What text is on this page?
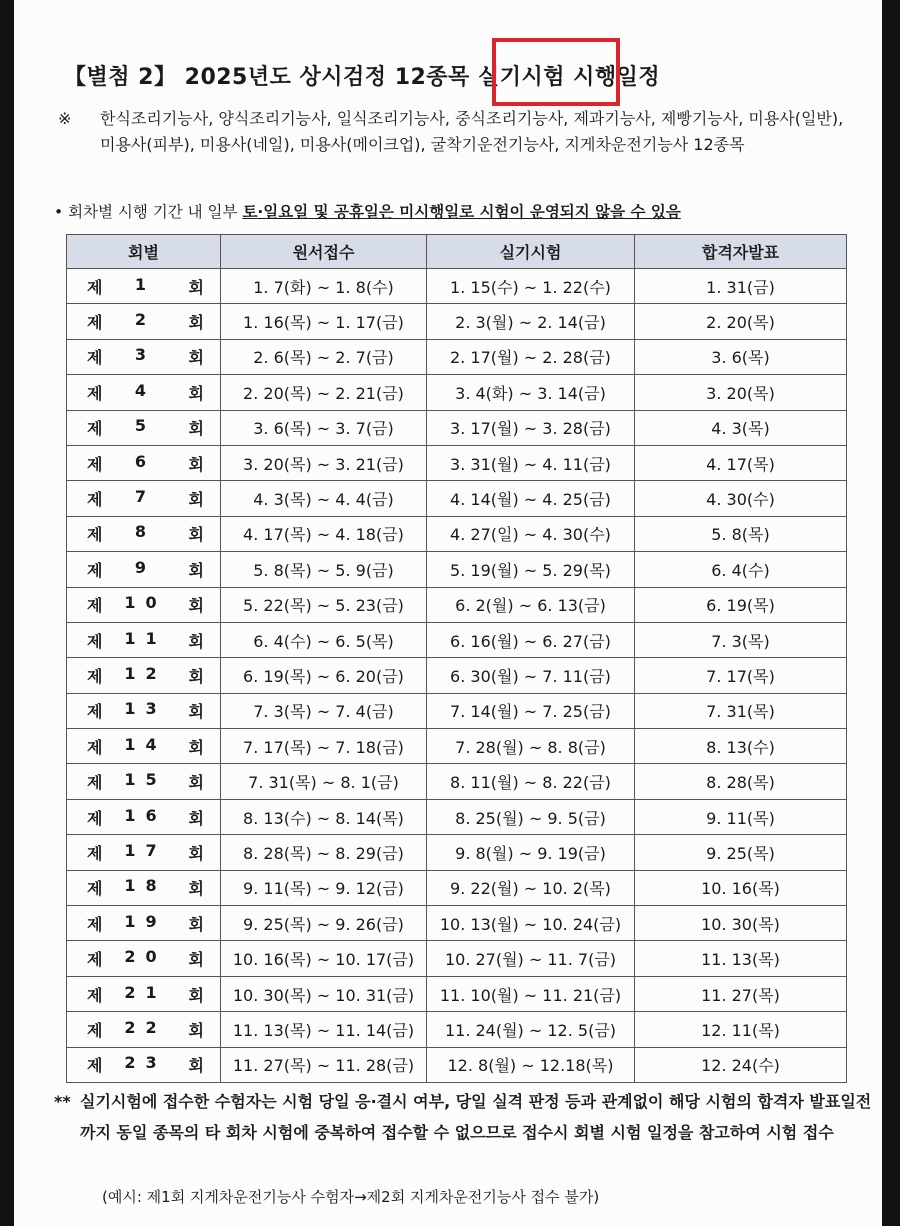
【별첨 2】 2025년도 상시검정 12종목 실기시험 시행일정
※ 한식조리기능사, 양식조리기능사, 일식조리기능사, 중식조리기능사, 제과기능사, 제빵기능사, 미용사(일반), 미용사(피부), 미용사(네일), 미용사(메이크업), 굴착기운전기능사, 지게차운전기능사 12종목
• 회차별 시행 기간 내 일부 토·일요일 및 공휴일은 미시행일로 시험이 운영되지 않을 수 있음
회별	원서접수	실기시험	합격자발표

제 1 회	1. 7(화) ~ 1. 8(수)	1. 15(수) ~ 1. 22(수)	1. 31(금)

제 2 회	1. 16(목) ~ 1. 17(금)	2. 3(월) ~ 2. 14(금)	2. 20(목)

제 3 회	2. 6(목) ~ 2. 7(금)	2. 17(월) ~ 2. 28(금)	3. 6(목)

제 4 회	2. 20(목) ~ 2. 21(금)	3. 4(화) ~ 3. 14(금)	3. 20(목)

제 5 회	3. 6(목) ~ 3. 7(금)	3. 17(월) ~ 3. 28(금)	4. 3(목)

제 6 회	3. 20(목) ~ 3. 21(금)	3. 31(월) ~ 4. 11(금)	4. 17(목)

제 7 회	4. 3(목) ~ 4. 4(금)	4. 14(월) ~ 4. 25(금)	4. 30(수)

제 8 회	4. 17(목) ~ 4. 18(금)	4. 27(일) ~ 4. 30(수)	5. 8(목)

제 9 회	5. 8(목) ~ 5. 9(금)	5. 19(월) ~ 5. 29(목)	6. 4(수)

제 10 회	5. 22(목) ~ 5. 23(금)	6. 2(월) ~ 6. 13(금)	6. 19(목)

제 11 회	6. 4(수) ~ 6. 5(목)	6. 16(월) ~ 6. 27(금)	7. 3(목)

제 12 회	6. 19(목) ~ 6. 20(금)	6. 30(월) ~ 7. 11(금)	7. 17(목)

제 13 회	7. 3(목) ~ 7. 4(금)	7. 14(월) ~ 7. 25(금)	7. 31(목)

제 14 회	7. 17(목) ~ 7. 18(금)	7. 28(월) ~ 8. 8(금)	8. 13(수)

제 15 회	7. 31(목) ~ 8. 1(금)	8. 11(월) ~ 8. 22(금)	8. 28(목)

제 16 회	8. 13(수) ~ 8. 14(목)	8. 25(월) ~ 9. 5(금)	9. 11(목)

제 17 회	8. 28(목) ~ 8. 29(금)	9. 8(월) ~ 9. 19(금)	9. 25(목)

제 18 회	9. 11(목) ~ 9. 12(금)	9. 22(월) ~ 10. 2(목)	10. 16(목)

제 19 회	9. 25(목) ~ 9. 26(금)	10. 13(월) ~ 10. 24(금)	10. 30(목)

제 20 회	10. 16(목) ~ 10. 17(금)	10. 27(월) ~ 11. 7(금)	11. 13(목)

제 21 회	10. 30(목) ~ 10. 31(금)	11. 10(월) ~ 11. 21(금)	11. 27(목)

제 22 회	11. 13(목) ~ 11. 14(금)	11. 24(월) ~ 12. 5(금)	12. 11(목)

제 23 회	11. 27(목) ~ 11. 28(금)	12. 8(월) ~ 12.18(목)	12. 24(수)
** 실기시험에 접수한 수험자는 시험 당일 응·결시 여부, 당일 실격 판정 등과 관계없이 해당 시험의 합격자 발표일전까지 동일 종목의 타 회차 시험에 중복하여 접수할 수 없으므로 접수시 회별 시험 일정을 참고하여 시험 접수
(예시: 제1회 지게차운전기능사 수험자→제2회 지게차운전기능사 접수 불가)
